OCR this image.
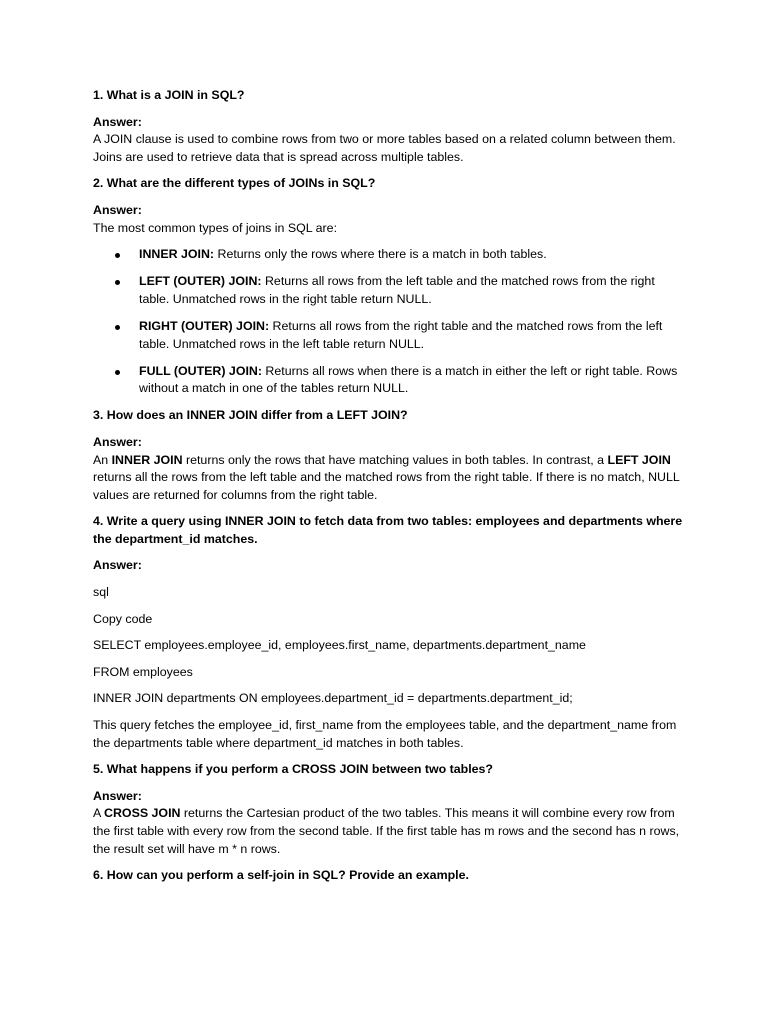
1. What is a JOIN in SQL?

Answer:

A JOIN clause is used to combine rows from two or more tables based on a related column between them. Joins are used to retrieve data that is spread across multiple tables.

2. What are the different types of JOINs in SQL?

Answer:

The most common types of joins in SQL are:

INNER JOIN: Returns only the rows where there is a match in both tables.
LEFT (OUTER) JOIN: Returns all rows from the left table and the matched rows from the right table. Unmatched rows in the right table return NULL.
RIGHT (OUTER) JOIN: Returns all rows from the right table and the matched rows from the left table. Unmatched rows in the left table return NULL.
FULL (OUTER) JOIN: Returns all rows when there is a match in either the left or right table. Rows without a match in one of the tables return NULL.

3. How does an INNER JOIN differ from a LEFT JOIN?

Answer:

An INNER JOIN returns only the rows that have matching values in both tables. In contrast, a LEFT JOIN returns all the rows from the left table and the matched rows from the right table. If there is no match, NULL values are returned for columns from the right table.

4. Write a query using INNER JOIN to fetch data from two tables: employees and departments where the department_id matches.

Answer:

sql

Copy code

SELECT employees.employee_id, employees.first_name, departments.department_name

FROM employees

INNER JOIN departments ON employees.department_id = departments.department_id;

This query fetches the employee_id, first_name from the employees table, and the department_name from the departments table where department_id matches in both tables.

5. What happens if you perform a CROSS JOIN between two tables?

Answer:

A CROSS JOIN returns the Cartesian product of the two tables. This means it will combine every row from the first table with every row from the second table. If the first table has m rows and the second has n rows, the result set will have m * n rows.

6. How can you perform a self-join in SQL? Provide an example.
